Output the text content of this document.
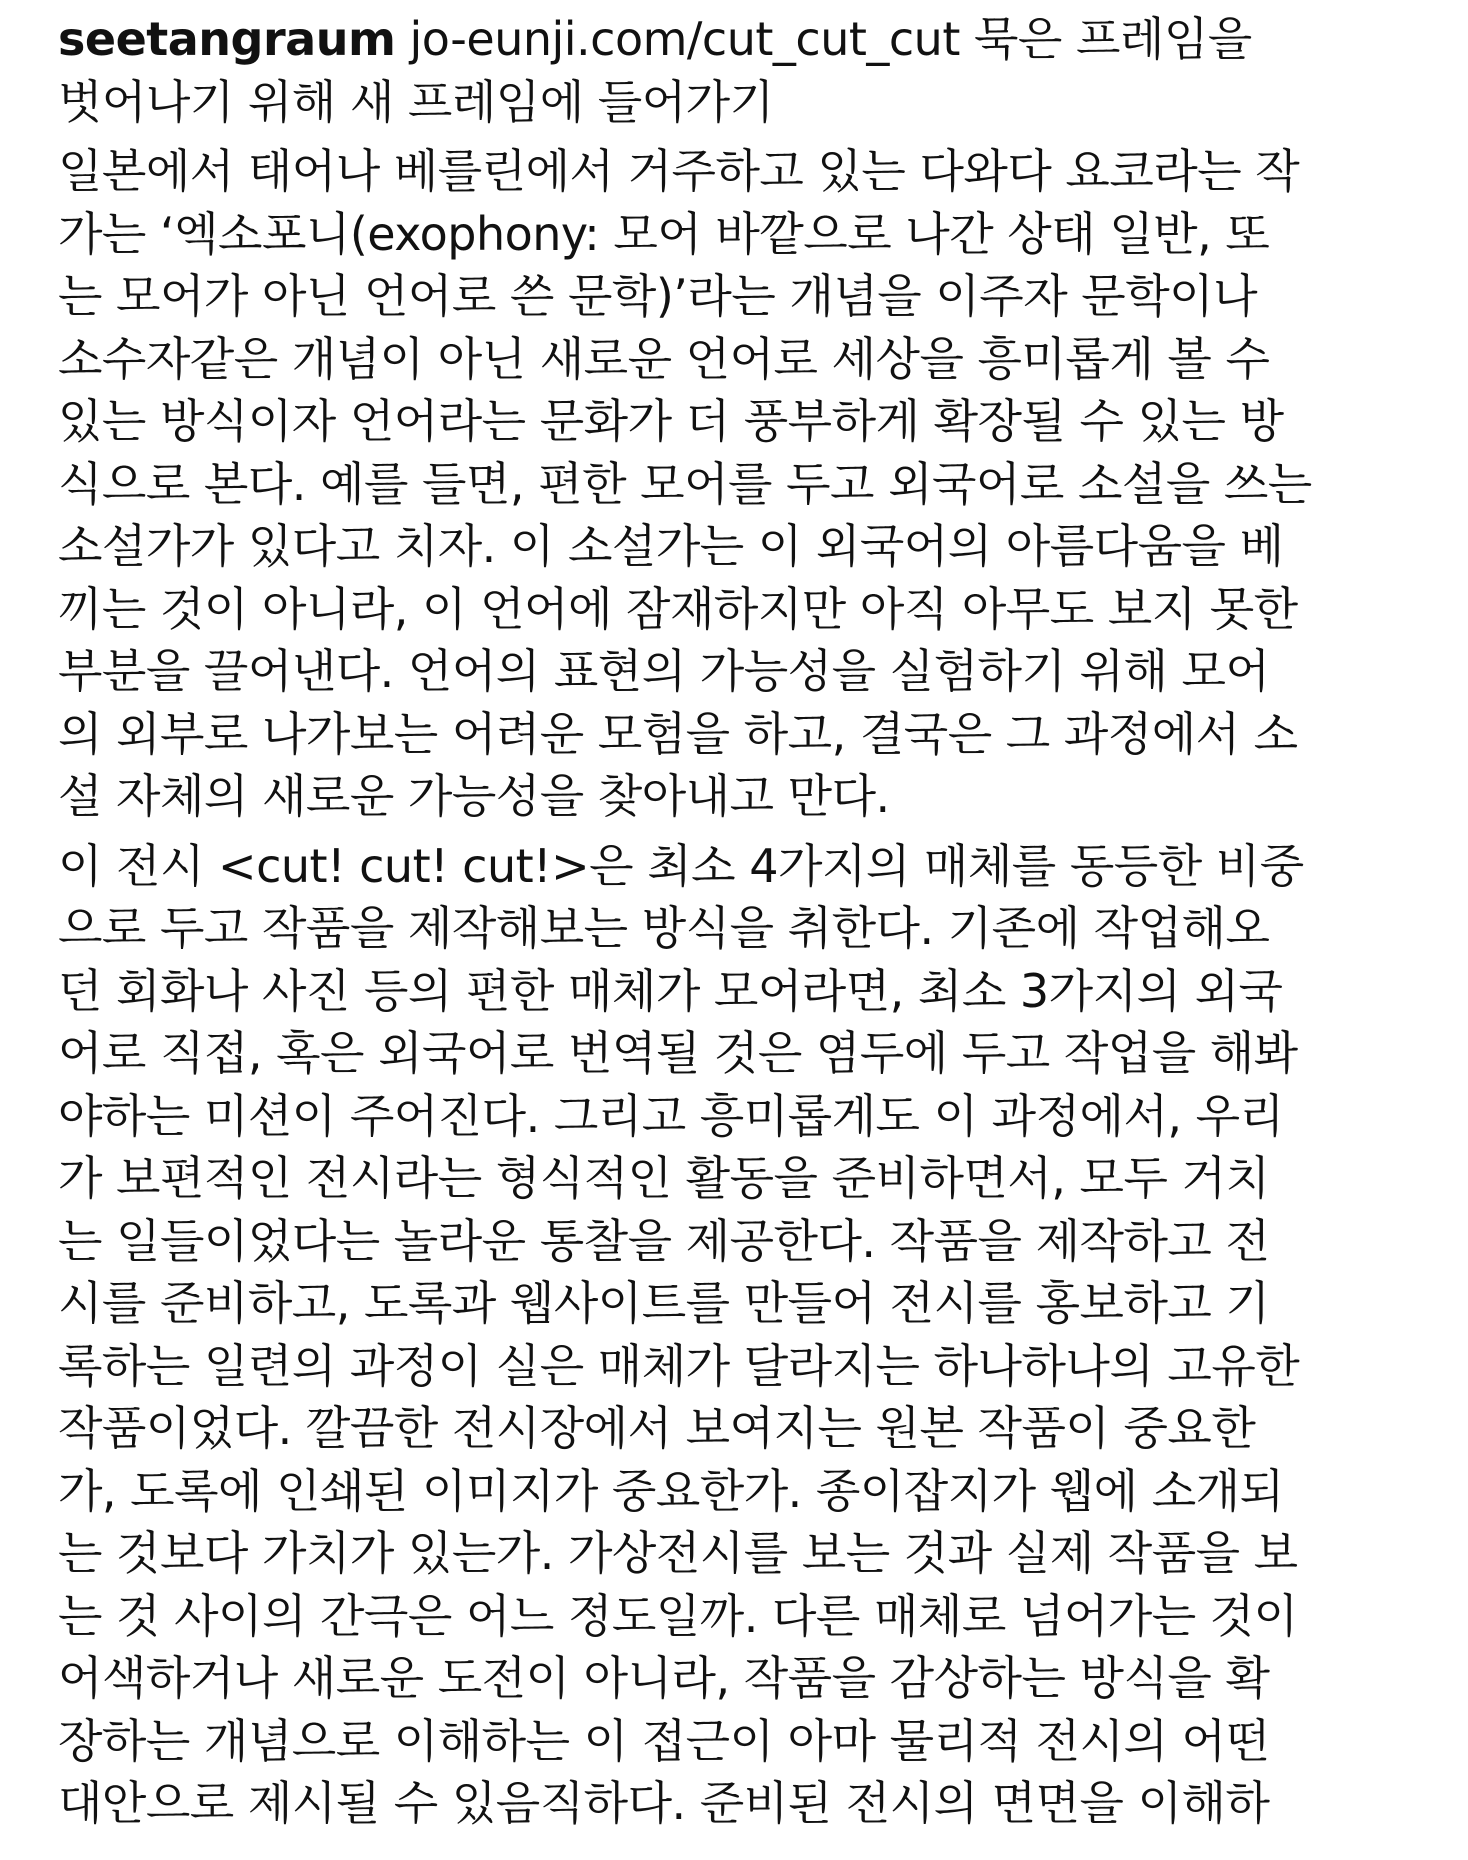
seetangraum jo-eunji.com/cut_cut_cut 묵은 프레임을
벗어나기 위해 새 프레임에 들어가기
일본에서 태어나 베를린에서 거주하고 있는 다와다 요코라는 작
가는 ‘엑소포니(exophony: 모어 바깥으로 나간 상태 일반, 또
는 모어가 아닌 언어로 쓴 문학)’라는 개념을 이주자 문학이나
소수자같은 개념이 아닌 새로운 언어로 세상을 흥미롭게 볼 수
있는 방식이자 언어라는 문화가 더 풍부하게 확장될 수 있는 방
식으로 본다. 예를 들면, 편한 모어를 두고 외국어로 소설을 쓰는
소설가가 있다고 치자. 이 소설가는 이 외국어의 아름다움을 베
끼는 것이 아니라, 이 언어에 잠재하지만 아직 아무도 보지 못한
부분을 끌어낸다. 언어의 표현의 가능성을 실험하기 위해 모어
의 외부로 나가보는 어려운 모험을 하고, 결국은 그 과정에서 소
설 자체의 새로운 가능성을 찾아내고 만다.
이 전시 <cut! cut! cut!>은 최소 4가지의 매체를 동등한 비중
으로 두고 작품을 제작해보는 방식을 취한다. 기존에 작업해오
던 회화나 사진 등의 편한 매체가 모어라면, 최소 3가지의 외국
어로 직접, 혹은 외국어로 번역될 것은 염두에 두고 작업을 해봐
야하는 미션이 주어진다. 그리고 흥미롭게도 이 과정에서, 우리
가 보편적인 전시라는 형식적인 활동을 준비하면서, 모두 거치
는 일들이었다는 놀라운 통찰을 제공한다. 작품을 제작하고 전
시를 준비하고, 도록과 웹사이트를 만들어 전시를 홍보하고 기
록하는 일련의 과정이 실은 매체가 달라지는 하나하나의 고유한
작품이었다. 깔끔한 전시장에서 보여지는 원본 작품이 중요한
가, 도록에 인쇄된 이미지가 중요한가. 종이잡지가 웹에 소개되
는 것보다 가치가 있는가. 가상전시를 보는 것과 실제 작품을 보
는 것 사이의 간극은 어느 정도일까. 다른 매체로 넘어가는 것이
어색하거나 새로운 도전이 아니라, 작품을 감상하는 방식을 확
장하는 개념으로 이해하는 이 접근이 아마 물리적 전시의 어떤
대안으로 제시될 수 있음직하다. 준비된 전시의 면면을 이해하
